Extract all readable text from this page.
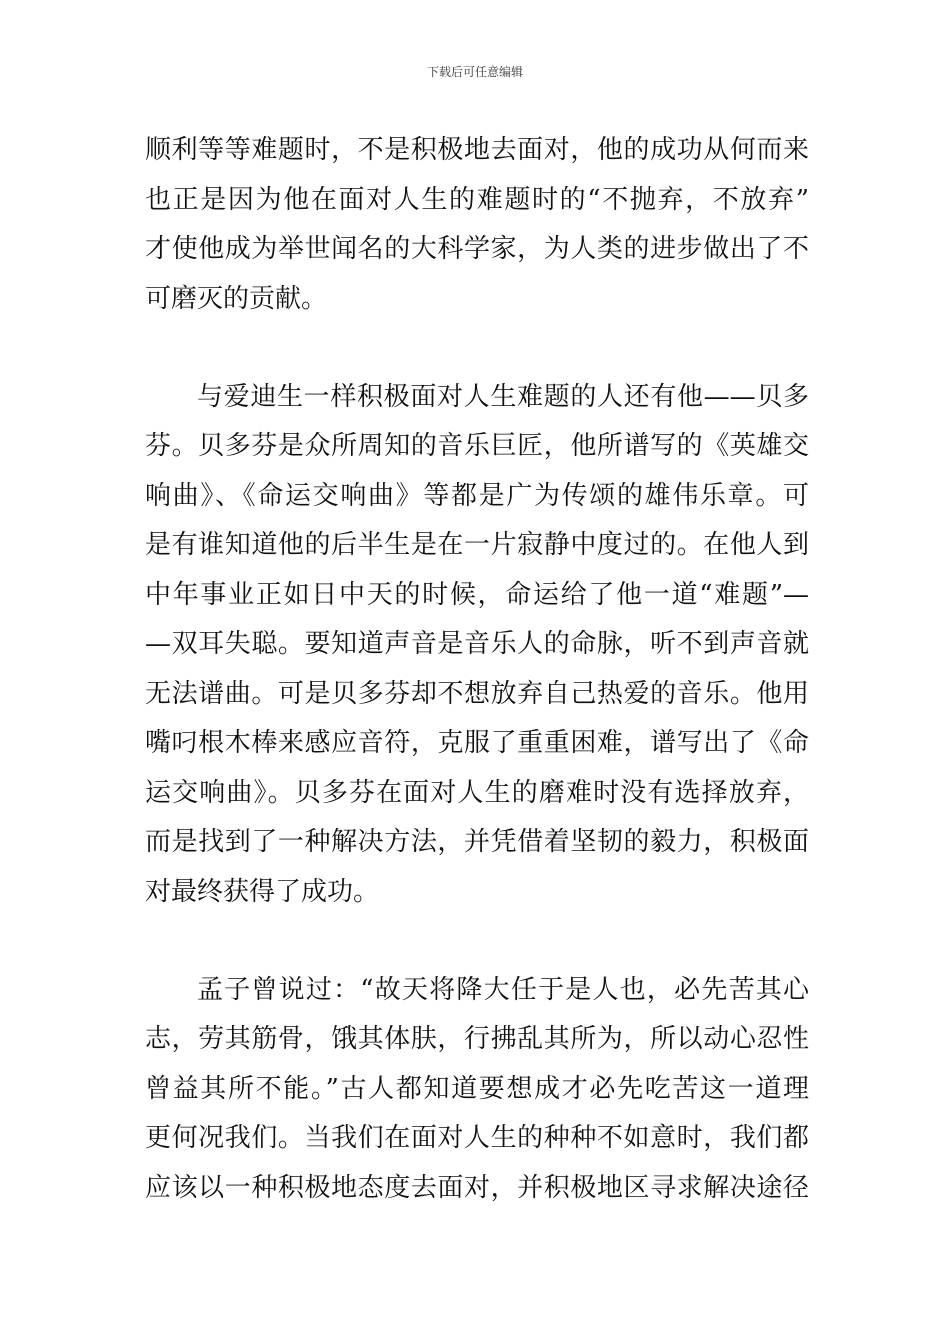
下载后可任意编辑
顺利等等难题时，不是积极地去面对，他的成功从何而来
也正是因为他在面对人生的难题时的“不抛弃，不放弃”
才使他成为举世闻名的大科学家，为人类的进步做出了不
可磨灭的贡献。
与爱迪生一样积极面对人生难题的人还有他——贝多
芬。贝多芬是众所周知的音乐巨匠，他所谱写的《英雄交
响曲》、《命运交响曲》等都是广为传颂的雄伟乐章。可
是有谁知道他的后半生是在一片寂静中度过的。在他人到
中年事业正如日中天的时候，命运给了他一道“难题”—
—双耳失聪。要知道声音是音乐人的命脉，听不到声音就
无法谱曲。可是贝多芬却不想放弃自己热爱的音乐。他用
嘴叼根木棒来感应音符，克服了重重困难，谱写出了《命
运交响曲》。贝多芬在面对人生的磨难时没有选择放弃，
而是找到了一种解决方法，并凭借着坚韧的毅力，积极面
对最终获得了成功。
孟子曾说过：“故天将降大任于是人也，必先苦其心
志，劳其筋骨，饿其体肤，行拂乱其所为，所以动心忍性
曾益其所不能。”古人都知道要想成才必先吃苦这一道理
更何况我们。当我们在面对人生的种种不如意时，我们都
应该以一种积极地态度去面对，并积极地区寻求解决途径
